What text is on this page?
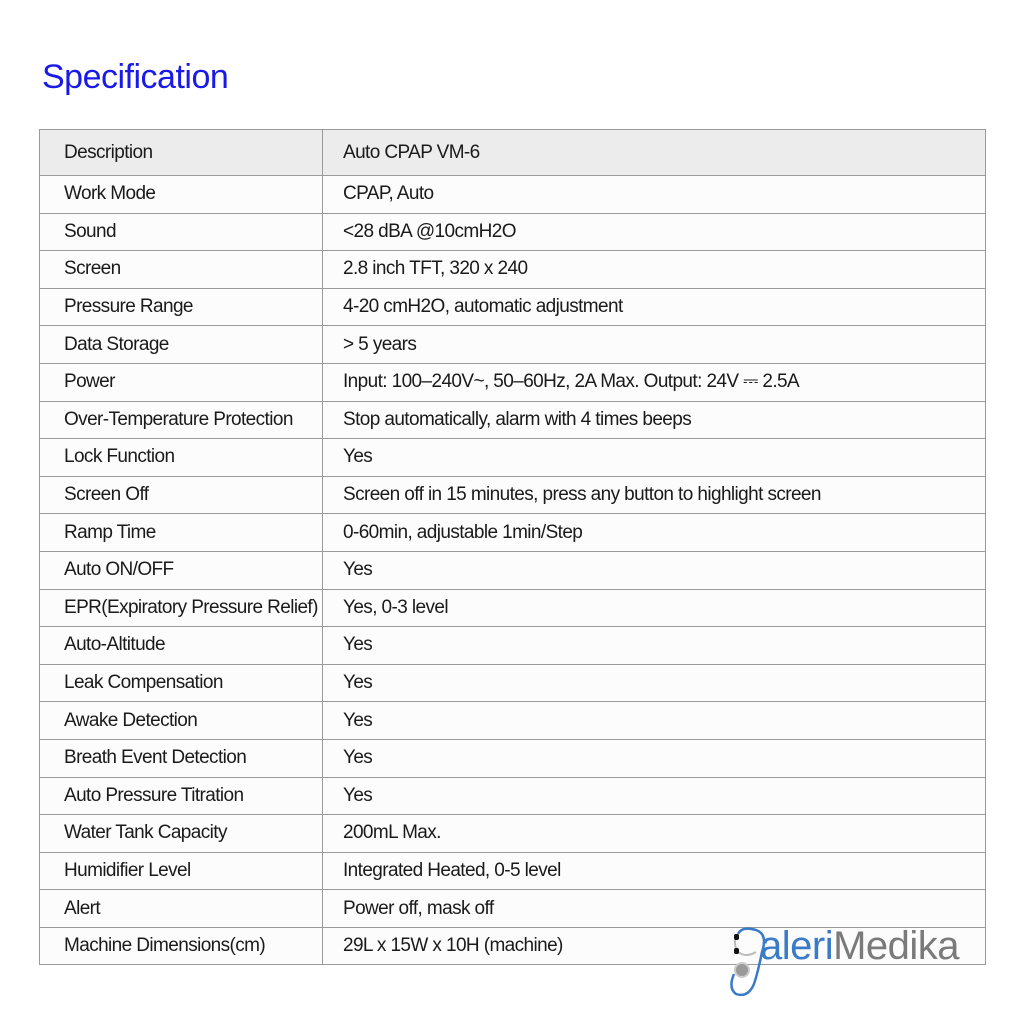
Specification
Description	Auto CPAP VM-6
Work Mode	CPAP, Auto
Sound	<28 dBA @10cmH2O
Screen	2.8 inch TFT, 320 x 240
Pressure Range	4-20 cmH2O, automatic adjustment
Data Storage	> 5 years
Power	Input: 100–240V~, 50–60Hz, 2A Max. Output: 24V ⎓ 2.5A
Over-Temperature Protection	Stop automatically, alarm with 4 times beeps
Lock Function	Yes
Screen Off	Screen off in 15 minutes, press any button to highlight screen
Ramp Time	0-60min, adjustable 1min/Step
Auto ON/OFF	Yes
EPR(Expiratory Pressure Relief)	Yes, 0-3 level
Auto-Altitude	Yes
Leak Compensation	Yes
Awake Detection	Yes
Breath Event Detection	Yes
Auto Pressure Titration	Yes
Water Tank Capacity	200mL Max.
Humidifier Level	Integrated Heated, 0-5 level
Alert	Power off, mask off
Machine Dimensions(cm)	29L x 15W x 10H (machine)	aleriMedika
